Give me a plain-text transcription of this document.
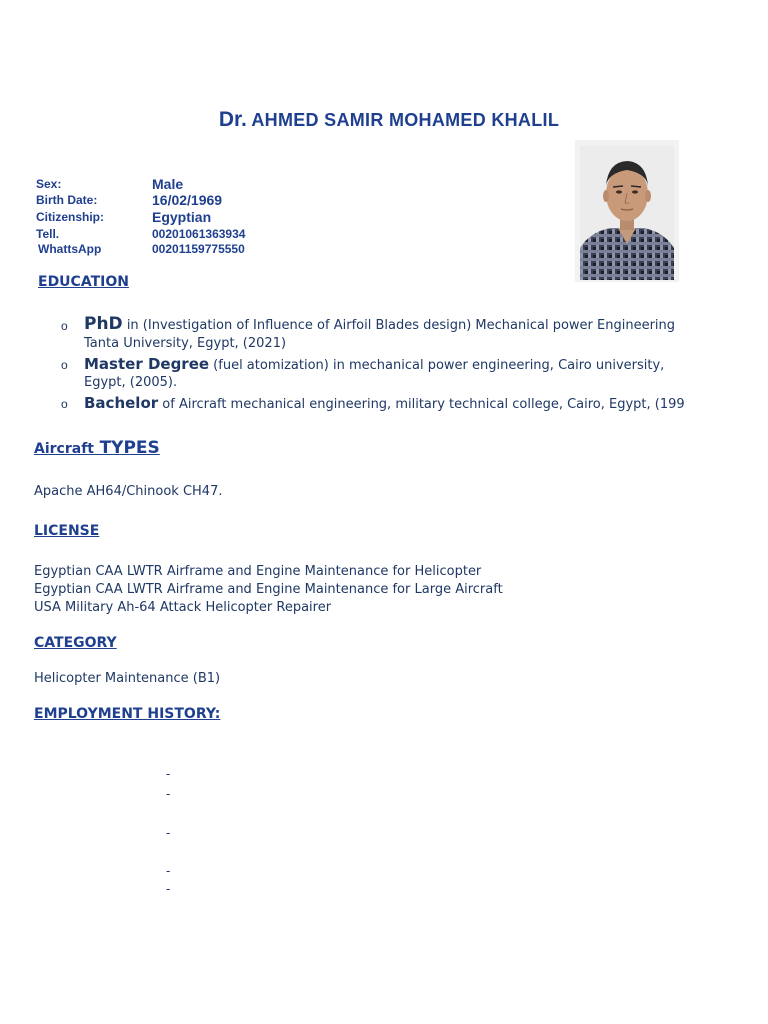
Dr. AHMED SAMIR MOHAMED KHALIL
Sex:	Male
Birth Date:	16/02/1969
Citizenship:	Egyptian
Tell.	00201061363934
WhattsApp	00201159775550
EDUCATION
o PhD in (Investigation of Influence of Airfoil Blades design) Mechanical power Engineering
Tanta University, Egypt, (2021)
o Master Degree (fuel atomization) in mechanical power engineering, Cairo university,
Egypt, (2005).
o Bachelor of Aircraft mechanical engineering, military technical college, Cairo, Egypt, (199
Aircraft TYPES
Apache AH64/Chinook CH47.
LICENSE
Egyptian CAA LWTR Airframe and Engine Maintenance for Helicopter
Egyptian CAA LWTR Airframe and Engine Maintenance for Large Aircraft
USA Military Ah-64 Attack Helicopter Repairer
CATEGORY
Helicopter Maintenance (B1)
EMPLOYMENT HISTORY:
-
-
-
-
-
